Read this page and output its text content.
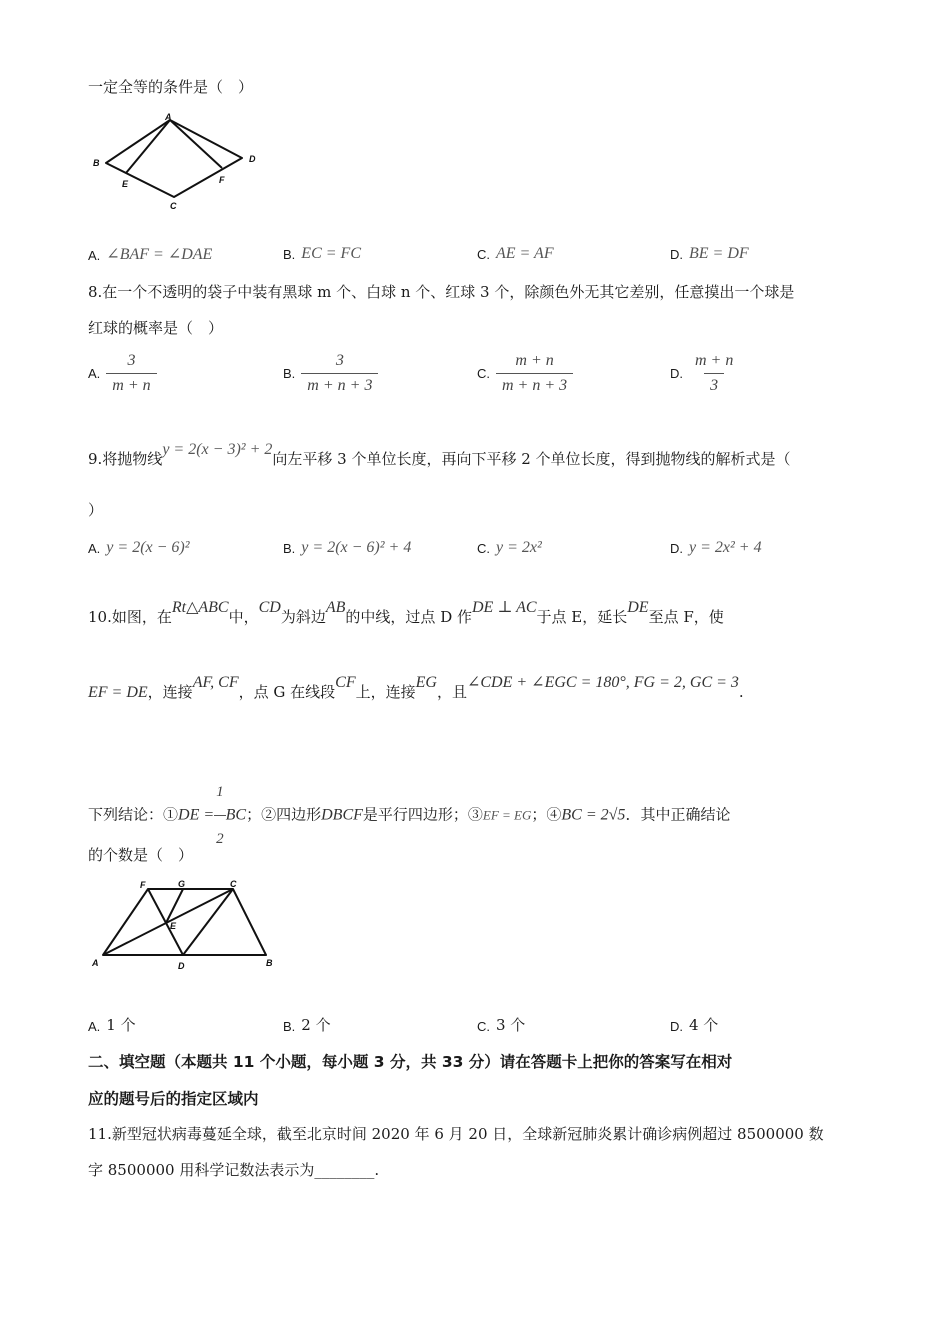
一定全等的条件是（　）
A
B
E
C
F
D
A. ∠BAF = ∠DAE	B. EC = FC	C. AE = AF	D. BE = DF
8.在一个不透明的袋子中装有黑球 m 个、白球 n 个、红球 3 个，除颜色外无其它差别，任意摸出一个球是
红球的概率是（　）
A. $\frac{3}{m + n}$	B. $\frac{3}{m + n + 3}$	C. $\frac{m + n}{m + n + 3}$	D. $\frac{m + n}{3}$
9.将抛物线y = 2(x − 3)² + 2向左平移 3 个单位长度，再向下平移 2 个单位长度，得到抛物线的解析式是（
）
A. y = 2(x − 6)²	B. y = 2(x − 6)² + 4	C. y = 2x²	D. y = 2x² + 4
10.如图，在Rt△ABC中，CD为斜边AB的中线，过点 D 作DE ⊥ AC于点 E，延长DE至点 F，使
EF = DE，连接AF, CF，点 G 在线段CF上，连接EG，且∠CDE + ∠EGC = 180°, FG = 2, GC = 3.
下列结论：①DE = $\frac{1}{2}$ BC；②四边形DBCF是平行四边形；③EF = EG；④BC = 2√5．其中正确结论
的个数是（　）
F	G	C
E
A	D	B
A. 1 个	B. 2 个	C. 3 个	D. 4 个
二、填空题（本题共 11 个小题，每小题 3 分，共 33 分）请在答题卡上把你的答案写在相对
应的题号后的指定区域内
11.新型冠状病毒蔓延全球，截至北京时间 2020 年 6 月 20 日，全球新冠肺炎累计确诊病例超过 8500000 数
字 8500000 用科学记数法表示为________.
